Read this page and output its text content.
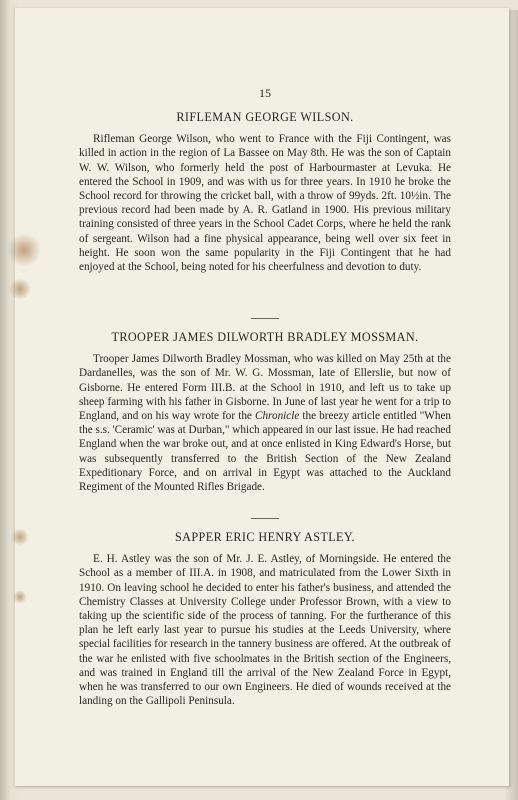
15

RIFLEMAN GEORGE WILSON.

Rifleman George Wilson, who went to France with the Fiji Contingent, was killed in action in the region of La Bassee on May 8th. He was the son of Captain W. W. Wilson, who formerly held the post of Harbourmaster at Levuka. He entered the School in 1909, and was with us for three years. In 1910 he broke the School record for throwing the cricket ball, with a throw of 99yds. 2ft. 10½in. The previous record had been made by A. R. Gatland in 1900. His previous military training consisted of three years in the School Cadet Corps, where he held the rank of sergeant. Wilson had a fine physical appearance, being well over six feet in height. He soon won the same popularity in the Fiji Contingent that he had enjoyed at the School, being noted for his cheerfulness and devotion to duty.

TROOPER JAMES DILWORTH BRADLEY MOSSMAN.

Trooper James Dilworth Bradley Mossman, who was killed on May 25th at the Dardanelles, was the son of Mr. W. G. Mossman, late of Ellerslie, but now of Gisborne. He entered Form III.B. at the School in 1910, and left us to take up sheep farming with his father in Gisborne. In June of last year he went for a trip to England, and on his way wrote for the Chronicle the breezy article entitled "When the s.s. 'Ceramic' was at Durban," which appeared in our last issue. He had reached England when the war broke out, and at once enlisted in King Edward's Horse, but was subsequently transferred to the British Section of the New Zealand Expeditionary Force, and on arrival in Egypt was attached to the Auckland Regiment of the Mounted Rifles Brigade.

SAPPER ERIC HENRY ASTLEY.

E. H. Astley was the son of Mr. J. E. Astley, of Morningside. He entered the School as a member of III.A. in 1908, and matriculated from the Lower Sixth in 1910. On leaving school he decided to enter his father's business, and attended the Chemistry Classes at University College under Professor Brown, with a view to taking up the scientific side of the process of tanning. For the furtherance of this plan he left early last year to pursue his studies at the Leeds University, where special facilities for research in the tannery business are offered. At the outbreak of the war he enlisted with five schoolmates in the British section of the Engineers, and was trained in England till the arrival of the New Zealand Force in Egypt, when he was transferred to our own Engineers. He died of wounds received at the landing on the Gallipoli Peninsula.
